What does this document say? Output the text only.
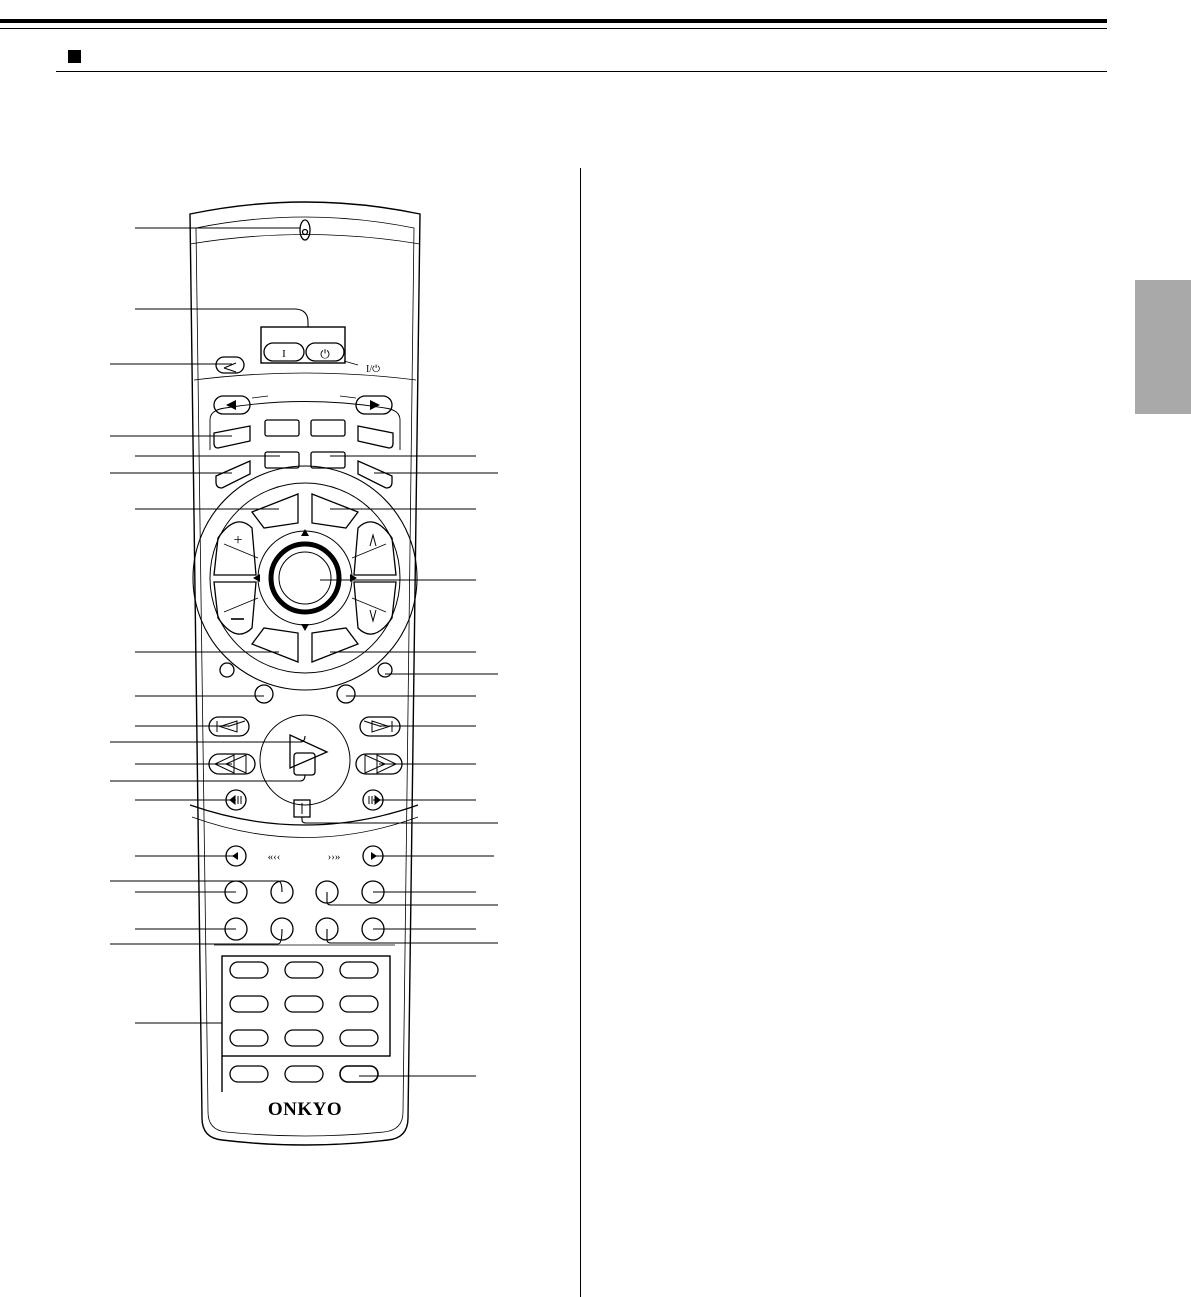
I	⏻
I/⏻
+
«‹‹	››»
ONKYO
